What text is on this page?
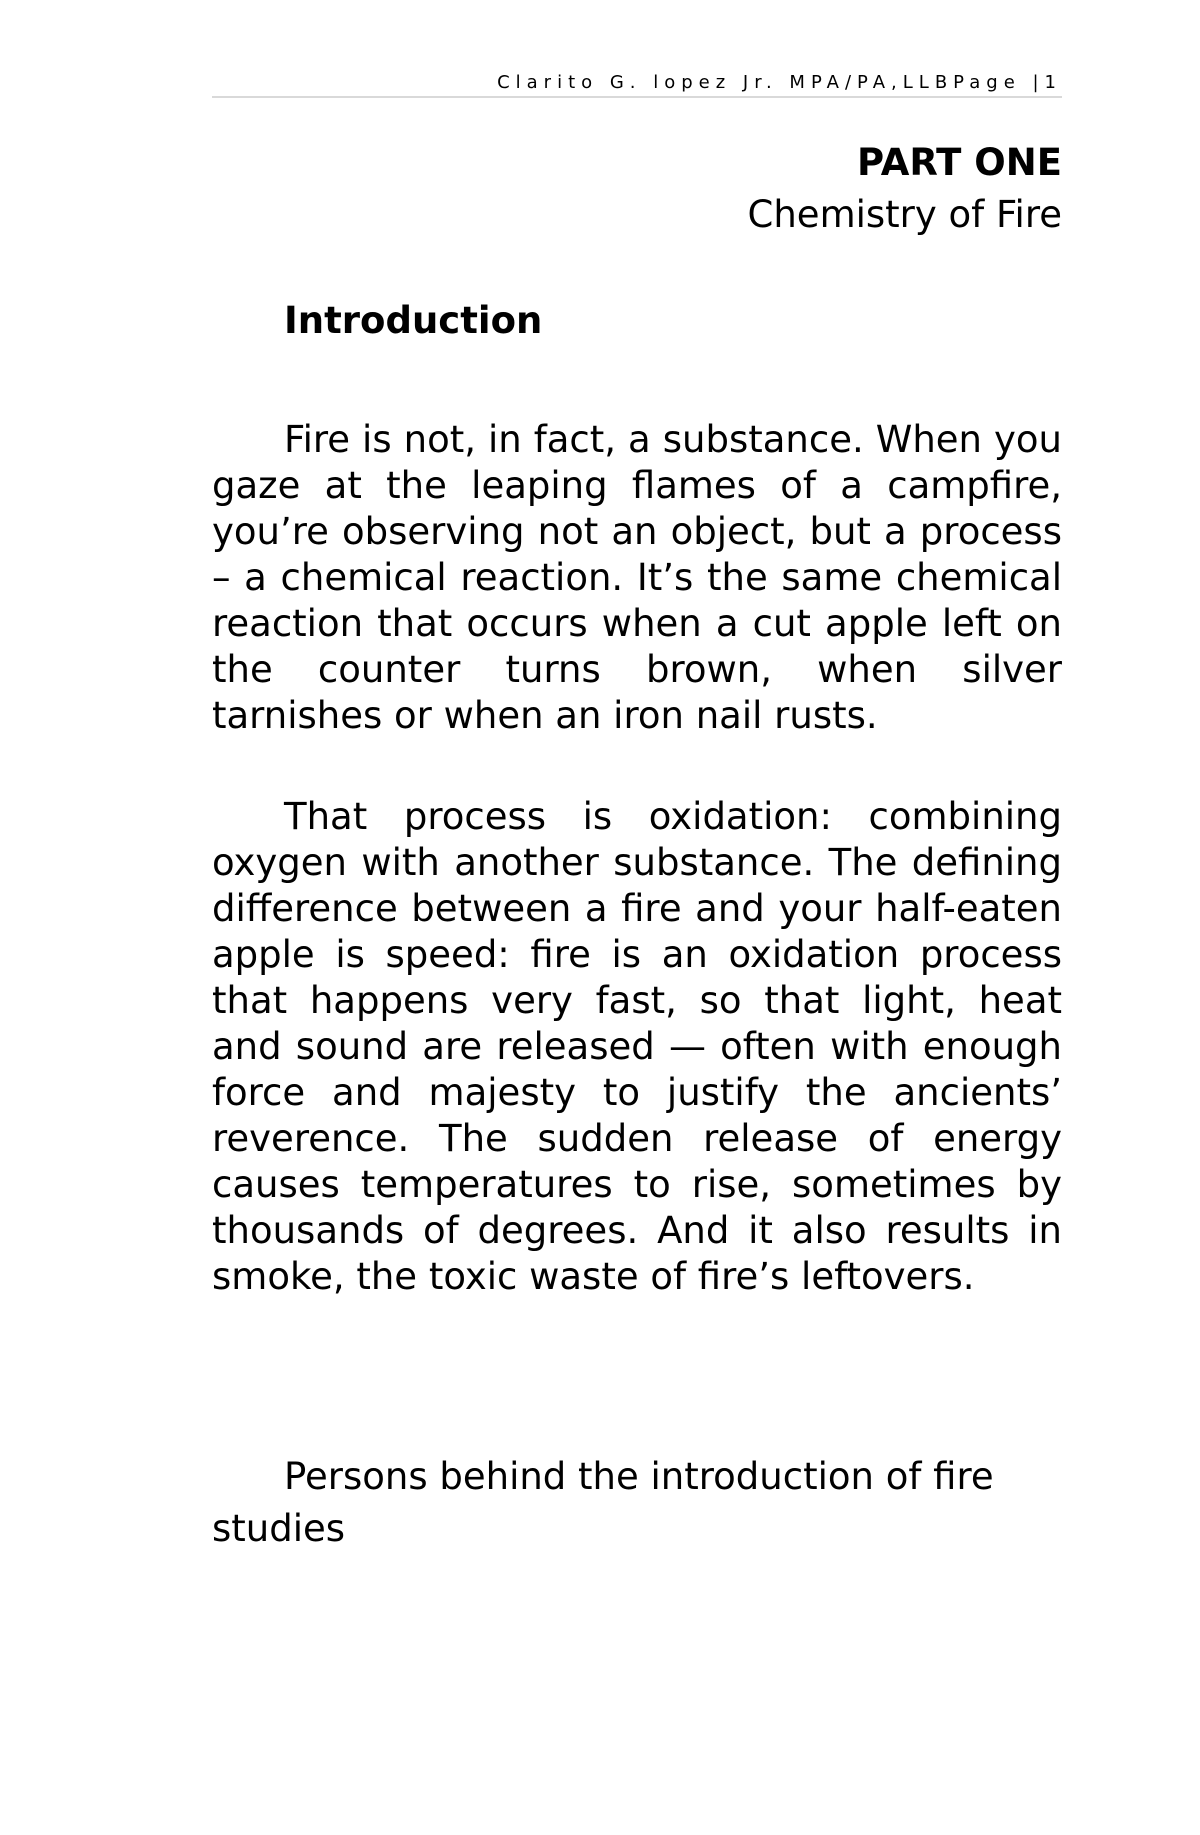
Clarito G. lopez Jr. MPA/PA,LLBPage |1
PART ONE
Chemistry of Fire
Introduction

Fire is not, in fact, a substance. When you gaze at the leaping flames of a campfire, you’re observing not an object, but a process – a chemical reaction. It’s the same chemical reaction that occurs when a cut apple left on the counter turns brown, when silver tarnishes or when an iron nail rusts.

That process is oxidation: combining oxygen with another substance. The defining difference between a fire and your half-eaten apple is speed: fire is an oxidation process that happens very fast, so that light, heat and sound are released — often with enough force and majesty to justify the ancients’ reverence. The sudden release of energy causes temperatures to rise, sometimes by thousands of degrees. And it also results in smoke, the toxic waste of fire’s leftovers.

Persons behind the introduction of fire studies
